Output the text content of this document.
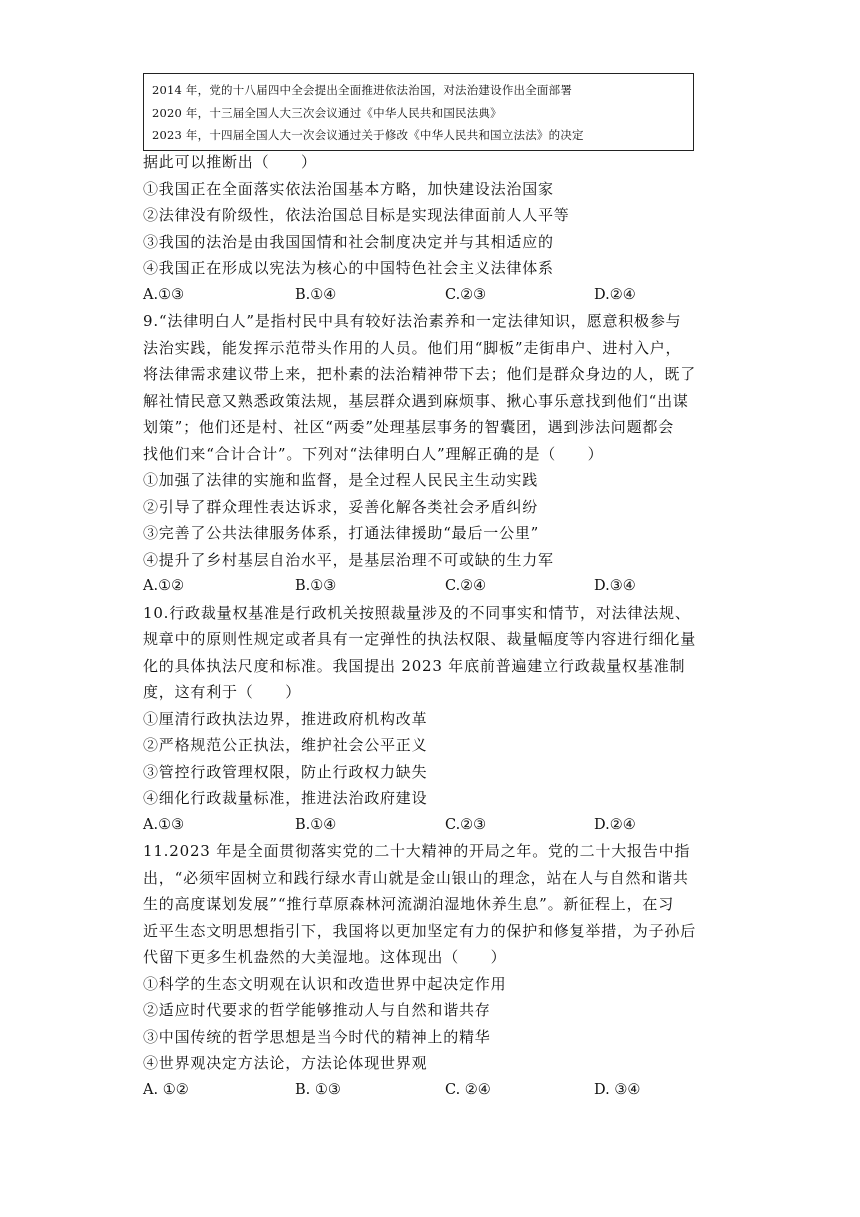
2014 年，党的十八届四中全会提出全面推进依法治国，对法治建设作出全面部署
2020 年，十三届全国人大三次会议通过《中华人民共和国民法典》
2023 年，十四届全国人大一次会议通过关于修改《中华人民共和国立法法》的决定
据此可以推断出（　　）
①我国正在全面落实依法治国基本方略，加快建设法治国家
②法律没有阶级性，依法治国总目标是实现法律面前人人平等
③我国的法治是由我国国情和社会制度决定并与其相适应的
④我国正在形成以宪法为核心的中国特色社会主义法律体系
A.①③	B.①④	C.②③	D.②④
9.“法律明白人”是指村民中具有较好法治素养和一定法律知识，愿意积极参与
法治实践，能发挥示范带头作用的人员。他们用“脚板”走街串户、进村入户，
将法律需求建议带上来，把朴素的法治精神带下去；他们是群众身边的人，既了
解社情民意又熟悉政策法规，基层群众遇到麻烦事、揪心事乐意找到他们“出谋
划策”；他们还是村、社区“两委”处理基层事务的智囊团，遇到涉法问题都会
找他们来“合计合计”。下列对“法律明白人”理解正确的是（　　）
①加强了法律的实施和监督，是全过程人民民主生动实践
②引导了群众理性表达诉求，妥善化解各类社会矛盾纠纷
③完善了公共法律服务体系，打通法律援助“最后一公里”
④提升了乡村基层自治水平，是基层治理不可或缺的生力军
A.①②	B.①③	C.②④	D.③④
10.行政裁量权基准是行政机关按照裁量涉及的不同事实和情节，对法律法规、
规章中的原则性规定或者具有一定弹性的执法权限、裁量幅度等内容进行细化量
化的具体执法尺度和标准。我国提出 2023 年底前普遍建立行政裁量权基准制
度，这有利于（　　）
①厘清行政执法边界，推进政府机构改革
②严格规范公正执法，维护社会公平正义
③管控行政管理权限，防止行政权力缺失
④细化行政裁量标准，推进法治政府建设
A.①③	B.①④	C.②③	D.②④
11.2023 年是全面贯彻落实党的二十大精神的开局之年。党的二十大报告中指
出，“必须牢固树立和践行绿水青山就是金山银山的理念，站在人与自然和谐共
生的高度谋划发展”“推行草原森林河流湖泊湿地休养生息”。新征程上，在习
近平生态文明思想指引下，我国将以更加坚定有力的保护和修复举措，为子孙后
代留下更多生机盎然的大美湿地。这体现出（　　）
①科学的生态文明观在认识和改造世界中起决定作用
②适应时代要求的哲学能够推动人与自然和谐共存
③中国传统的哲学思想是当今时代的精神上的精华
④世界观决定方法论，方法论体现世界观
A. ①②	B. ①③	C. ②④	D. ③④
